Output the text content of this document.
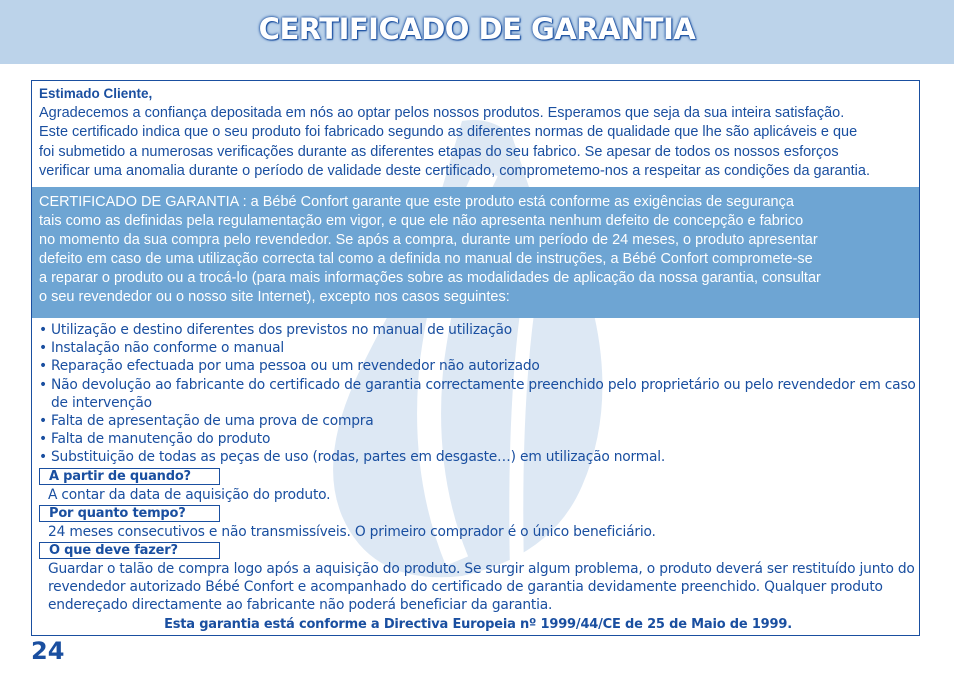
CERTIFICADO DE GARANTIA
Estimado Cliente,
Agradecemos a confiança depositada em nós ao optar pelos nossos produtos. Esperamos que seja da sua inteira satisfação.
Este certificado indica que o seu produto foi fabricado segundo as diferentes normas de qualidade que lhe são aplicáveis e que
foi submetido a numerosas verificações durante as diferentes etapas do seu fabrico. Se apesar de todos os nossos esforços
verificar uma anomalia durante o período de validade deste certificado, comprometemo-nos a respeitar as condições da garantia.

CERTIFICADO DE GARANTIA : a Bébé Confort garante que este produto está conforme as exigências de segurança
tais como as definidas pela regulamentação em vigor, e que ele não apresenta nenhum defeito de concepção e fabrico
no momento da sua compra pelo revendedor. Se após a compra, durante um período de 24 meses, o produto apresentar
defeito em caso de uma utilização correcta tal como a definida no manual de instruções, a Bébé Confort compromete-se
a reparar o produto ou a trocá-lo (para mais informações sobre as modalidades de aplicação da nossa garantia, consultar
o seu revendedor ou o nosso site Internet), excepto nos casos seguintes:

• Utilização e destino diferentes dos previstos no manual de utilização
• Instalação não conforme o manual
• Reparação efectuada por uma pessoa ou um revendedor não autorizado
• Não devolução ao fabricante do certificado de garantia correctamente preenchido pelo proprietário ou pelo revendedor em caso de intervenção
• Falta de apresentação de uma prova de compra
• Falta de manutenção do produto
• Substituição de todas as peças de uso (rodas, partes em desgaste…) em utilização normal.
A partir de quando?
A contar da data de aquisição do produto.
Por quanto tempo?
24 meses consecutivos e não transmissíveis. O primeiro comprador é o único beneficiário.
O que deve fazer?
Guardar o talão de compra logo após a aquisição do produto. Se surgir algum problema, o produto deverá ser restituído junto do revendedor autorizado Bébé Confort e acompanhado do certificado de garantia devidamente preenchido. Qualquer produto endereçado directamente ao fabricante não poderá beneficiar da garantia.
Esta garantia está conforme a Directiva Europeia nº 1999/44/CE de 25 de Maio de 1999.
24
